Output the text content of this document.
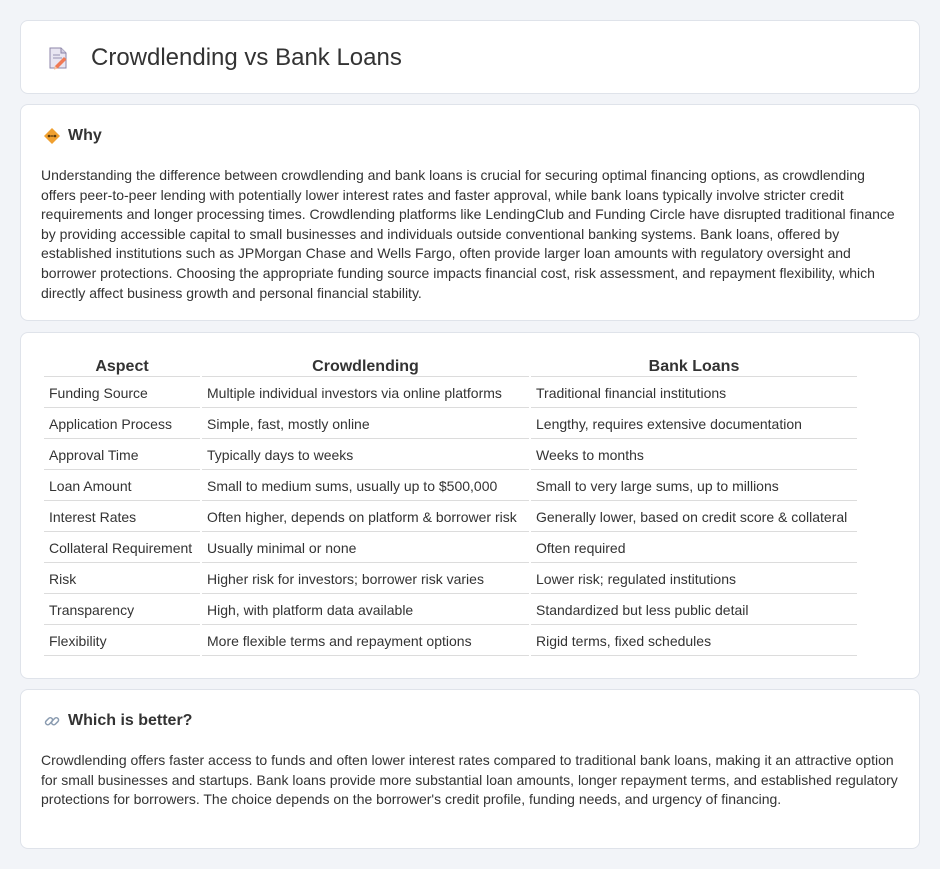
Crowdlending vs Bank Loans
Why

Understanding the difference between crowdlending and bank loans is crucial for securing optimal financing options, as crowdlending offers peer-to-peer lending with potentially lower interest rates and faster approval, while bank loans typically involve stricter credit requirements and longer processing times. Crowdlending platforms like LendingClub and Funding Circle have disrupted traditional finance by providing accessible capital to small businesses and individuals outside conventional banking systems. Bank loans, offered by established institutions such as JPMorgan Chase and Wells Fargo, often provide larger loan amounts with regulatory oversight and borrower protections. Choosing the appropriate funding source impacts financial cost, risk assessment, and repayment flexibility, which directly affect business growth and personal financial stability.

Aspect	Crowdlending	Bank Loans
Funding Source	Multiple individual investors via online platforms	Traditional financial institutions
Application Process	Simple, fast, mostly online	Lengthy, requires extensive documentation
Approval Time	Typically days to weeks	Weeks to months
Loan Amount	Small to medium sums, usually up to $500,000	Small to very large sums, up to millions
Interest Rates	Often higher, depends on platform & borrower risk	Generally lower, based on credit score & collateral
Collateral Requirement	Usually minimal or none	Often required
Risk	Higher risk for investors; borrower risk varies	Lower risk; regulated institutions
Transparency	High, with platform data available	Standardized but less public detail
Flexibility	More flexible terms and repayment options	Rigid terms, fixed schedules
Which is better?

Crowdlending offers faster access to funds and often lower interest rates compared to traditional bank loans, making it an attractive option for small businesses and startups. Bank loans provide more substantial loan amounts, longer repayment terms, and established regulatory protections for borrowers. The choice depends on the borrower's credit profile, funding needs, and urgency of financing.
